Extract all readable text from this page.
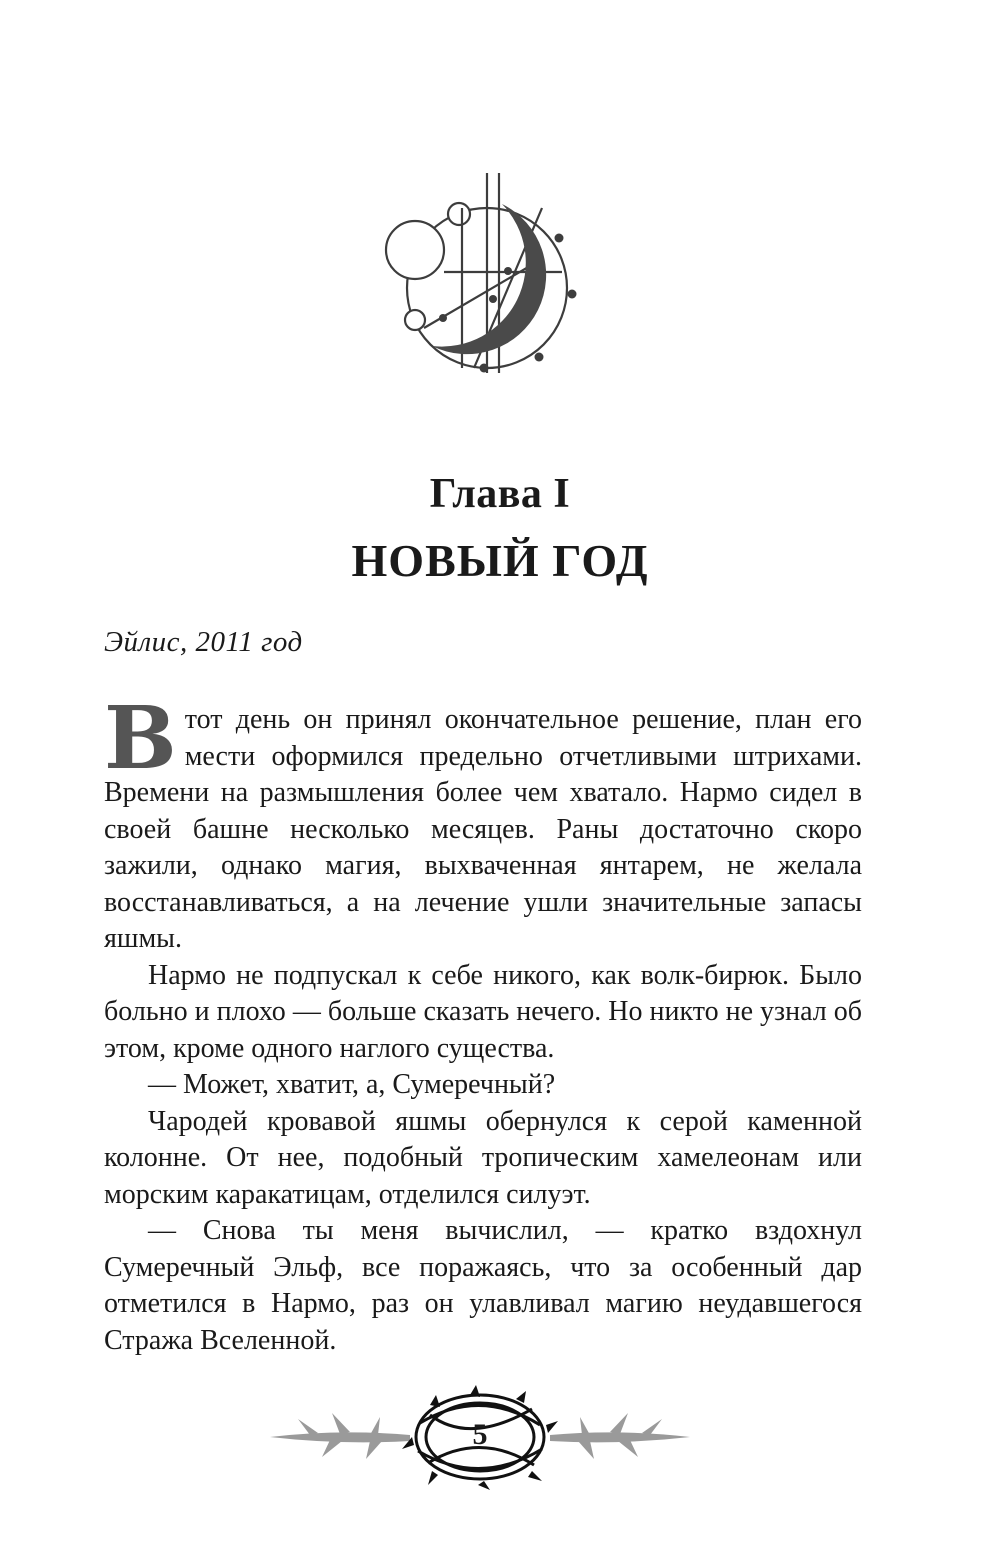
Глава I
НОВЫЙ ГОД
Эйлис, 2011 год

Втот день он принял окончательное решение, план его мести оформился предельно отчетливыми штрихами. Времени на размышления более чем хватало. Нармо сидел в своей башне несколько месяцев. Раны достаточно скоро зажили, однако магия, выхваченная янтарем, не желала восстанавливаться, а на лечение ушли значительные запасы яшмы.

Нармо не подпускал к себе никого, как волк-бирюк. Было больно и плохо — больше сказать нечего. Но никто не узнал об этом, кроме одного наглого существа.

— Может, хватит, а, Сумеречный?

Чародей кровавой яшмы обернулся к серой каменной колонне. От нее, подобный тропическим хамелеонам или морским каракатицам, отделился силуэт.

— Снова ты меня вычислил, — кратко вздохнул Сумеречный Эльф, все поражаясь, что за особенный дар отметился в Нармо, раз он улавливал магию неудавшегося Стража Вселенной.

5
